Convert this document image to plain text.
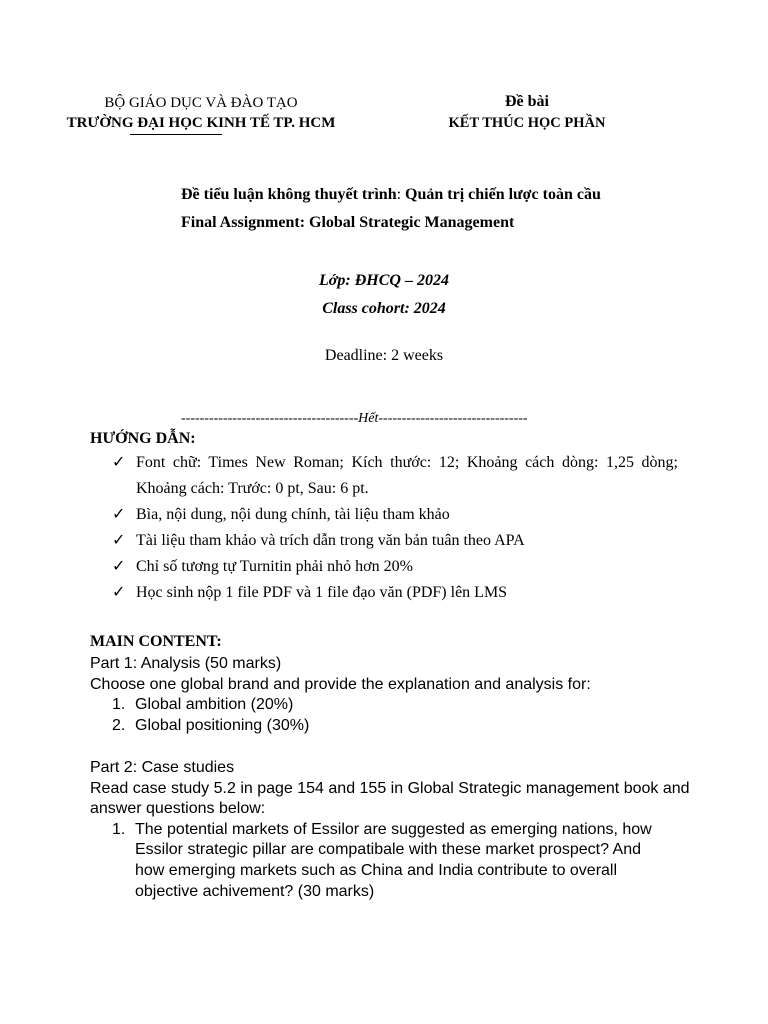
BỘ GIÁO DỤC VÀ ĐÀO TẠO
TRƯỜNG ĐẠI HỌC KINH TẾ TP. HCM
Đề bài
KẾT THÚC HỌC PHẦN
Đề tiểu luận không thuyết trình: Quản trị chiến lược toàn cầu
Final Assignment: Global Strategic Management
Lớp: ĐHCQ – 2024
Class cohort: 2024
Deadline: 2 weeks
--------------------------------------Hết--------------------------------
HƯỚNG DẪN:

✓ Font chữ: Times New Roman; Kích thước: 12; Khoảng cách dòng: 1,25 dòng; Khoảng cách: Trước: 0 pt, Sau: 6 pt.

✓ Bìa, nội dung, nội dung chính, tài liệu tham khảo

✓ Tài liệu tham khảo và trích dẫn trong văn bản tuân theo APA

✓ Chỉ số tương tự Turnitin phải nhỏ hơn 20%

✓ Học sinh nộp 1 file PDF và 1 file đạo văn (PDF) lên LMS

MAIN CONTENT:
Part 1: Analysis (50 marks)
Choose one global brand and provide the explanation and analysis for:
1. Global ambition (20%)
2. Global positioning (30%)
Part 2: Case studies
Read case study 5.2 in page 154 and 155 in Global Strategic management book and answer questions below:
1. The potential markets of Essilor are suggested as emerging nations, how Essilor strategic pillar are compatibale with these market prospect? And how emerging markets such as China and India contribute to overall objective achivement? (30 marks)
